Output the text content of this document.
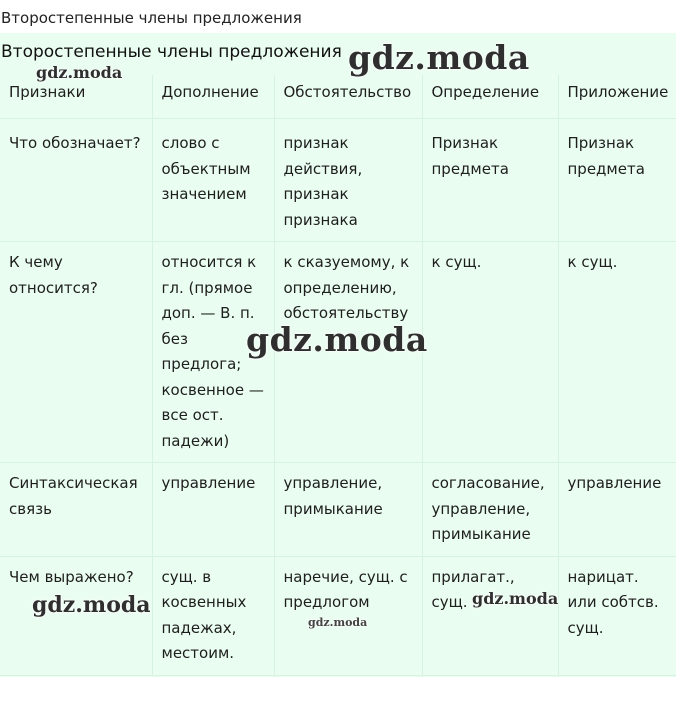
Второстепенные члены предложения
Второстепенные члены предложения
Признаки	Дополнение	Обстоятельство	Определение	Приложение
Что обозначает?	слово с объектным значением	признак действия, признак признака	Признак предмета	Признак предмета
К чему относится?	относится к гл. (прямое доп. — В. п. без предлога; косвенное — все ост. падежи)	к сказуемому, к определению, обстоятельству	к сущ.	к сущ.
Синтаксическая связь	управление	управление, примыкание	согласование, управление, примыкание	управление
Чем выражено?	сущ. в косвенных падежах, местоим.	наречие, сущ. с предлогом	прилагат., сущ.	нарицат. или собтсв. сущ.
gdz.moda
gdz.moda
gdz.moda
gdz.moda	gdz.moda
gdz.moda
